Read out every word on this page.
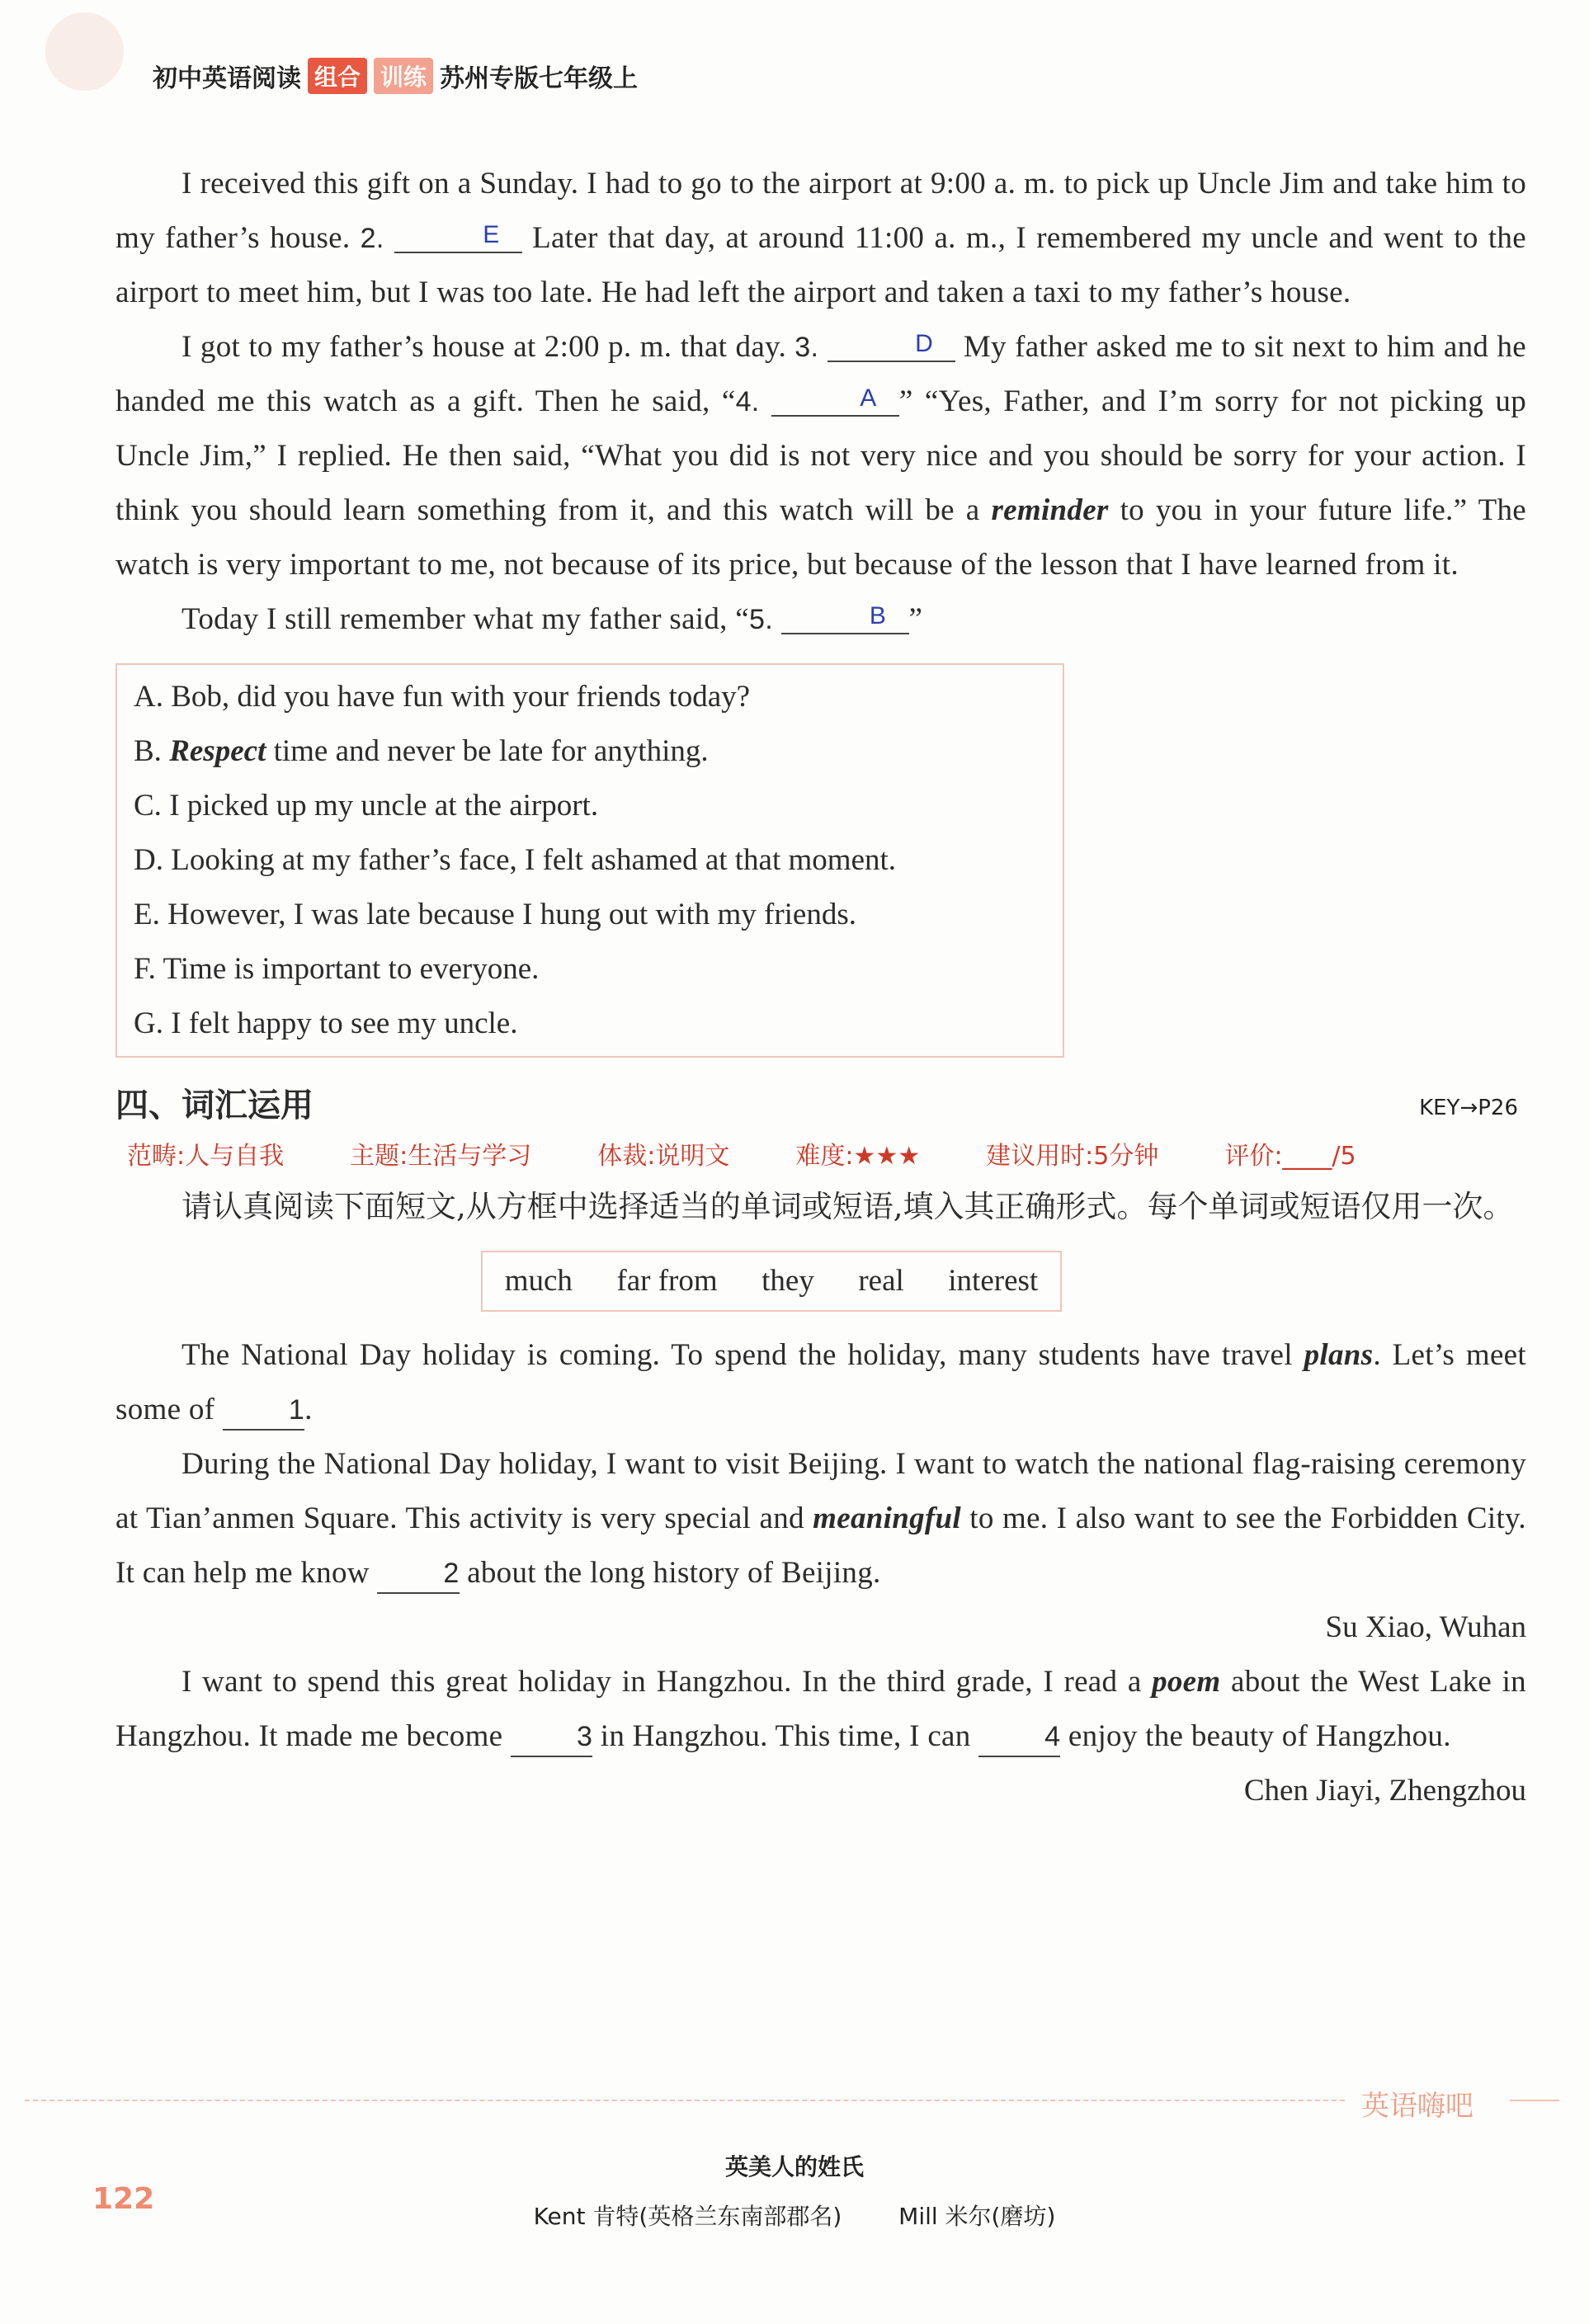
初中英语阅读 组合 训练 苏州专版七年级上

I received this gift on a Sunday. I had to go to the airport at 9:00 a. m. to pick up Uncle Jim and take him to my father’s house. 2.	E Later that day, at around 11:00 a. m., I remembered my uncle and went to the airport to meet him, but I was too late. He had left the airport and taken a taxi to my father’s house.

I got to my father’s house at 2:00 p. m. that day. 3.	D My father asked me to sit next to him and he handed me this watch as a gift. Then he said, “4.	A ” “Yes, Father, and I’m sorry for not picking up Uncle Jim,” I replied. He then said, “What you did is not very nice and you should be sorry for your action. I think you should learn something from it, and this watch will be a reminder to you in your future life.” The watch is very important to me, not because of its price, but because of the lesson that I have learned from it.

Today I still remember what my father said, “5.	B ”

A. Bob, did you have fun with your friends today?
B. Respect time and never be late for anything.
C. I picked up my uncle at the airport.
D. Looking at my father’s face, I felt ashamed at that moment.
E. However, I was late because I hung out with my friends.
F. Time is important to everyone.
G. I felt happy to see my uncle.
四、词汇运用	KEY→P26
范畴:人与自我	主题:生活与学习	体裁:说明文	难度:★★★	建议用时:5分钟	评价:____/5

请认真阅读下面短文,从方框中选择适当的单词或短语,填入其正确形式。每个单词或短语仅用一次。

much far from they real interest

The National Day holiday is coming. To spend the holiday, many students have travel plans. Let’s meet some of	1.

During the National Day holiday, I want to visit Beijing. I want to watch the national flag-raising ceremony at Tian’anmen Square. This activity is very special and meaningful to me. I also want to see the Forbidden City. It can help me know	2 about the long history of Beijing.

Su Xiao, Wuhan

I want to spend this great holiday in Hangzhou. In the third grade, I read a poem about the West Lake in Hangzhou. It made me become	3 in Hangzhou. This time, I can	4 enjoy the beauty of Hangzhou.

Chen Jiayi, Zhengzhou

英语嗨吧
122
英美人的姓氏
Kent 肯特(英格兰东南部郡名) Mill 米尔(磨坊)
